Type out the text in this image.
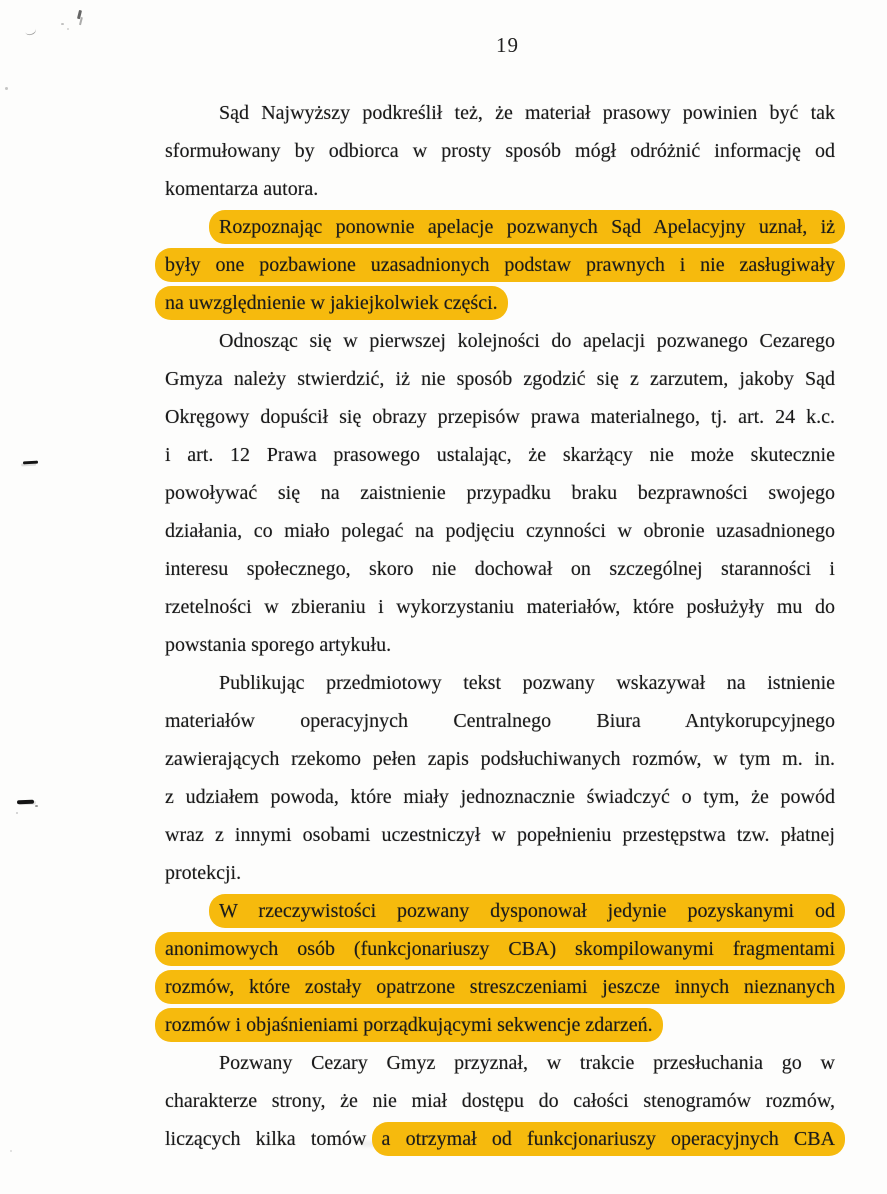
19
Sąd Najwyższy podkreślił też, że materiał prasowy powinien być tak
sformułowany by odbiorca w prosty sposób mógł odróżnić informację od
komentarza autora.
Rozpoznając ponownie apelacje pozwanych Sąd Apelacyjny uznał, iż
były one pozbawione uzasadnionych podstaw prawnych i nie zasługiwały
na uwzględnienie w jakiejkolwiek części.
Odnosząc się w pierwszej kolejności do apelacji pozwanego Cezarego
Gmyza należy stwierdzić, iż nie sposób zgodzić się z zarzutem, jakoby Sąd
Okręgowy dopuścił się obrazy przepisów prawa materialnego, tj. art. 24 k.c.
i art. 12 Prawa prasowego ustalając, że skarżący nie może skutecznie
powoływać się na zaistnienie przypadku braku bezprawności swojego
działania, co miało polegać na podjęciu czynności w obronie uzasadnionego
interesu społecznego, skoro nie dochował on szczególnej staranności i
rzetelności w zbieraniu i wykorzystaniu materiałów, które posłużyły mu do
powstania sporego artykułu.
Publikując przedmiotowy tekst pozwany wskazywał na istnienie
materiałów operacyjnych Centralnego Biura Antykorupcyjnego
zawierających rzekomo pełen zapis podsłuchiwanych rozmów, w tym m. in.
z udziałem powoda, które miały jednoznacznie świadczyć o tym, że powód
wraz z innymi osobami uczestniczył w popełnieniu przestępstwa tzw. płatnej
protekcji.
W rzeczywistości pozwany dysponował jedynie pozyskanymi od
anonimowych osób (funkcjonariuszy CBA) skompilowanymi fragmentami
rozmów, które zostały opatrzone streszczeniami jeszcze innych nieznanych
rozmów i objaśnieniami porządkującymi sekwencje zdarzeń.
Pozwany Cezary Gmyz przyznał, w trakcie przesłuchania go w
charakterze strony, że nie miał dostępu do całości stenogramów rozmów,
liczących kilka tomów a otrzymał od funkcjonariuszy operacyjnych CBA
